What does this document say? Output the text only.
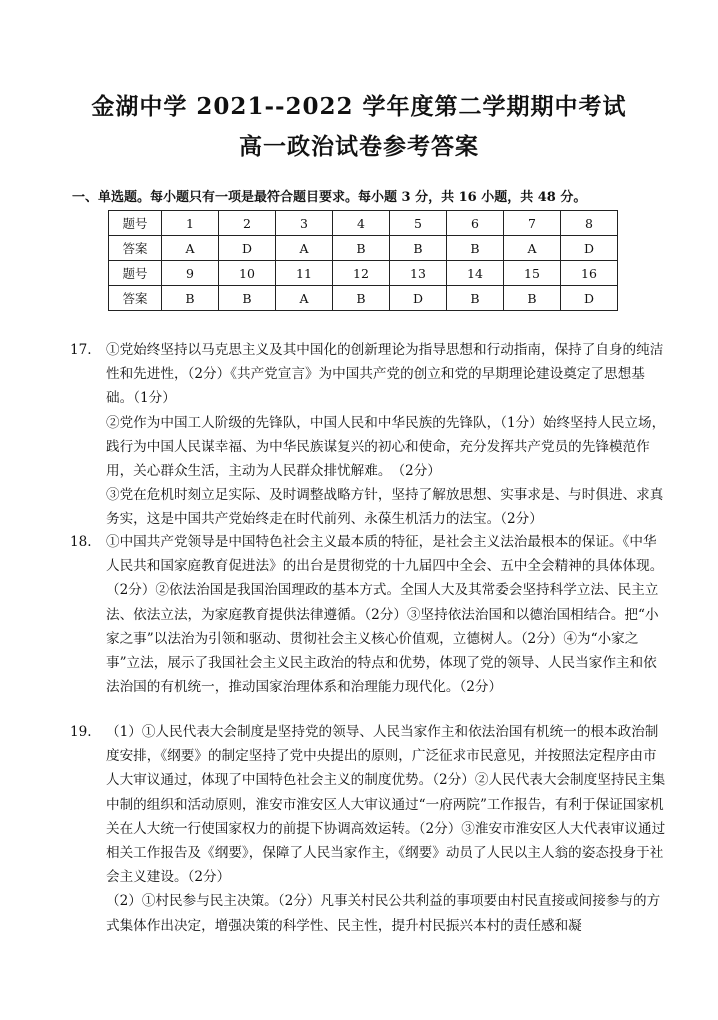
金湖中学 2021--2022 学年度第二学期期中考试
高一政治试卷参考答案
一、单选题。每小题只有一项是最符合题目要求。每小题 3 分，共 16 小题，共 48 分。
题号	1	2	3	4	5	6	7	8
答案	A	D	A	B	B	B	A	D
题号	9	10	11	12	13	14	15	16
答案	B	B	A	B	D	B	B	D
17.	①党始终坚持以马克思主义及其中国化的创新理论为指导思想和行动指南，保持了自身的纯洁性和先进性，（2分）《共产党宣言》为中国共产党的创立和党的早期理论建设奠定了思想基础。（1分）

②党作为中国工人阶级的先锋队，中国人民和中华民族的先锋队，（1分）始终坚持人民立场，践行为中国人民谋幸福、为中华民族谋复兴的初心和使命，充分发挥共产党员的先锋模范作用，关心群众生活，主动为人民群众排忧解难。　（2分）

③党在危机时刻立足实际、及时调整战略方针，坚持了解放思想、实事求是、与时俱进、求真务实，这是中国共产党始终走在时代前列、永葆生机活力的法宝。（2分）

18.	①中国共产党领导是中国特色社会主义最本质的特征，是社会主义法治最根本的保证。《中华人民共和国家庭教育促进法》的出台是贯彻党的十九届四中全会、五中全会精神的具体体现。（2分）②依法治国是我国治国理政的基本方式。全国人大及其常委会坚持科学立法、民主立法、依法立法，为家庭教育提供法律遵循。（2分）③坚持依法治国和以德治国相结合。把“小家之事”以法治为引领和驱动、贯彻社会主义核心价值观，立德树人。（2分）④为“小家之事”立法，展示了我国社会主义民主政治的特点和优势，体现了党的领导、人民当家作主和依法治国的有机统一，推动国家治理体系和治理能力现代化。（2分）

19.	（1）①人民代表大会制度是坚持党的领导、人民当家作主和依法治国有机统一的根本政治制度安排，《纲要》的制定坚持了党中央提出的原则，广泛征求市民意见，并按照法定程序由市人大审议通过，体现了中国特色社会主义的制度优势。（2分）②人民代表大会制度坚持民主集中制的组织和活动原则，淮安市淮安区人大审议通过“一府两院”工作报告，有利于保证国家机关在人大统一行使国家权力的前提下协调高效运转。（2分）③淮安市淮安区人大代表审议通过相关工作报告及《纲要》，保障了人民当家作主，《纲要》动员了人民以主人翁的姿态投身于社会主义建设。（2分）

（2）①村民参与民主决策。（2分）凡事关村民公共利益的事项要由村民直接或间接参与的方式集体作出决定，增强决策的科学性、民主性，提升村民振兴本村的责任感和凝
